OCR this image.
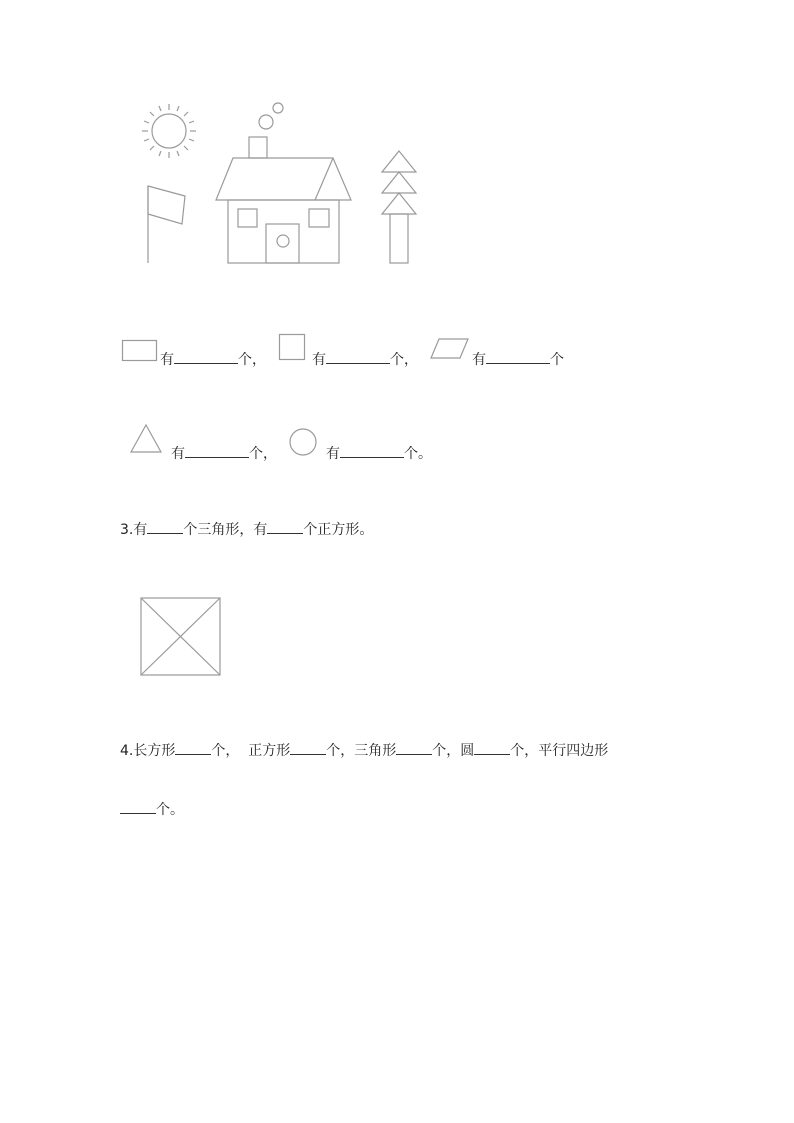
有	个，	有	个，	有	个
有	个，	有	个。
3.有	个三角形，有	个正方形。
4.长方形	个，  正方形	个，三角形	个，圆	个，平行四边形
个。
